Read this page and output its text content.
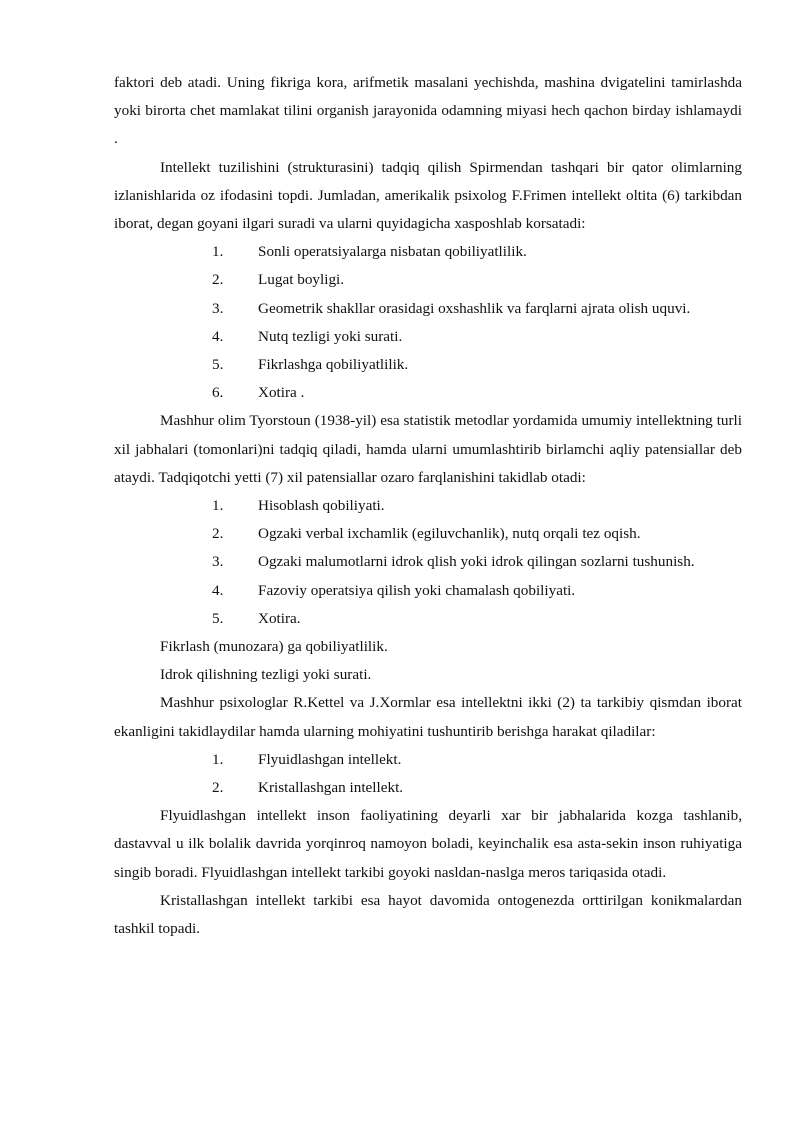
faktori deb atadi. Uning fikriga kora, arifmetik masalani yechishda, mashina dvigatelini tamirlashda yoki birorta chet mamlakat tilini organish jarayonida odamning miyasi hech qachon birday ishlamaydi .

Intellekt tuzilishini (strukturasini) tadqiq qilish Spirmendan tashqari bir qator olimlarning izlanishlarida oz ifodasini topdi. Jumladan, amerikalik psixolog F.Frimen intellekt oltita (6) tarkibdan iborat, degan goyani ilgari suradi va ularni quyidagicha xasposhlab korsatadi:

1.	Sonli operatsiyalarga nisbatan qobiliyatlilik.
2.	Lugat boyligi.
3.	Geometrik shakllar orasidagi oxshashlik va farqlarni ajrata olish uquvi.
4.	Nutq tezligi yoki surati.
5.	Fikrlashga qobiliyatlilik.
6.	Xotira .

Mashhur olim Tyorstoun (1938-yil) esa statistik metodlar yordamida umumiy intellektning turli xil jabhalari (tomonlari)ni tadqiq qiladi, hamda ularni umumlashtirib birlamchi aqliy patensiallar deb ataydi. Tadqiqotchi yetti (7) xil patensiallar ozaro farqlanishini takidlab otadi:

1.	Hisoblash qobiliyati.
2.	Ogzaki verbal ixchamlik (egiluvchanlik), nutq orqali tez oqish.
3.	Ogzaki malumotlarni idrok qlish yoki idrok qilingan sozlarni tushunish.
4.	Fazoviy operatsiya qilish yoki chamalash qobiliyati.
5.	Xotira.

Fikrlash (munozara) ga qobiliyatlilik.

Idrok qilishning tezligi yoki surati.

Mashhur psixologlar R.Kettel va J.Xormlar esa intellektni ikki (2) ta tarkibiy qismdan iborat ekanligini takidlaydilar hamda ularning mohiyatini tushuntirib berishga harakat qiladilar:

1.	Flyuidlashgan intellekt.
2.	Kristallashgan intellekt.

Flyuidlashgan intellekt inson faoliyatining deyarli xar bir jabhalarida kozga tashlanib, dastavval u ilk bolalik davrida yorqinroq namoyon boladi, keyinchalik esa asta-sekin inson ruhiyatiga singib boradi. Flyuidlashgan intellekt tarkibi goyoki nasldan-naslga meros tariqasida otadi.

Kristallashgan intellekt tarkibi esa hayot davomida ontogenezda orttirilgan konikmalardan tashkil topadi.
